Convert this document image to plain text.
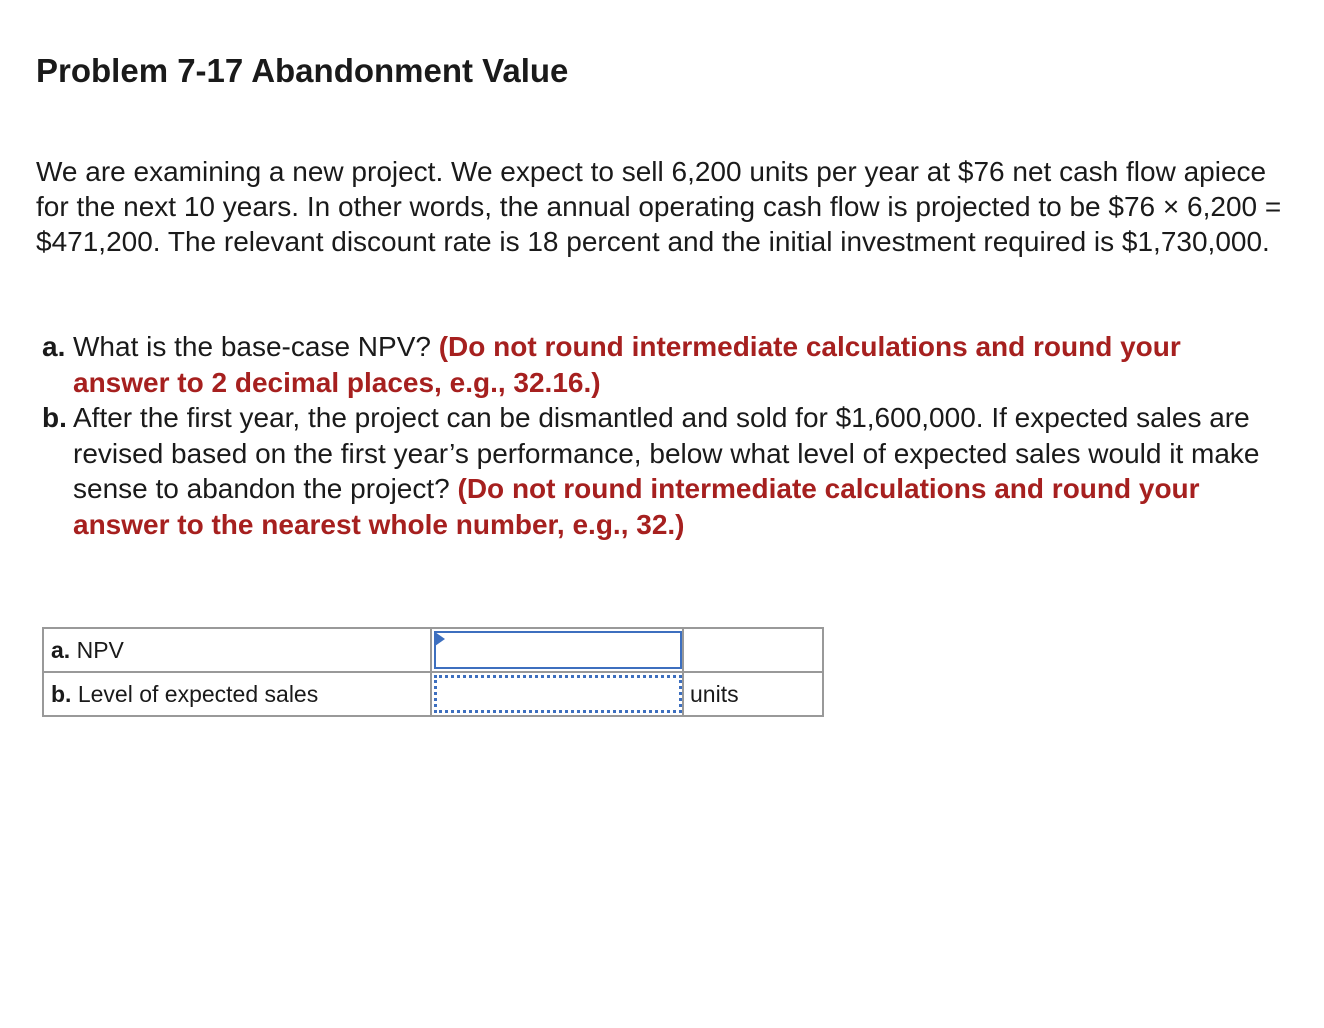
Problem 7-17 Abandonment Value

We are examining a new project. We expect to sell 6,200 units per year at $76 net cash flow apiece for the next 10 years. In other words, the annual operating cash flow is projected to be $76 × 6,200 = $471,200. The relevant discount rate is 18 percent and the initial investment required is $1,730,000.

a. What is the base-case NPV? (Do not round intermediate calculations and round your answer to 2 decimal places, e.g., 32.16.)
b. After the first year, the project can be dismantled and sold for $1,600,000. If expected sales are revised based on the first year’s performance, below what level of expected sales would it make sense to abandon the project? (Do not round intermediate calculations and round your answer to the nearest whole number, e.g., 32.)
a. NPV	

b. Level of expected sales		units
